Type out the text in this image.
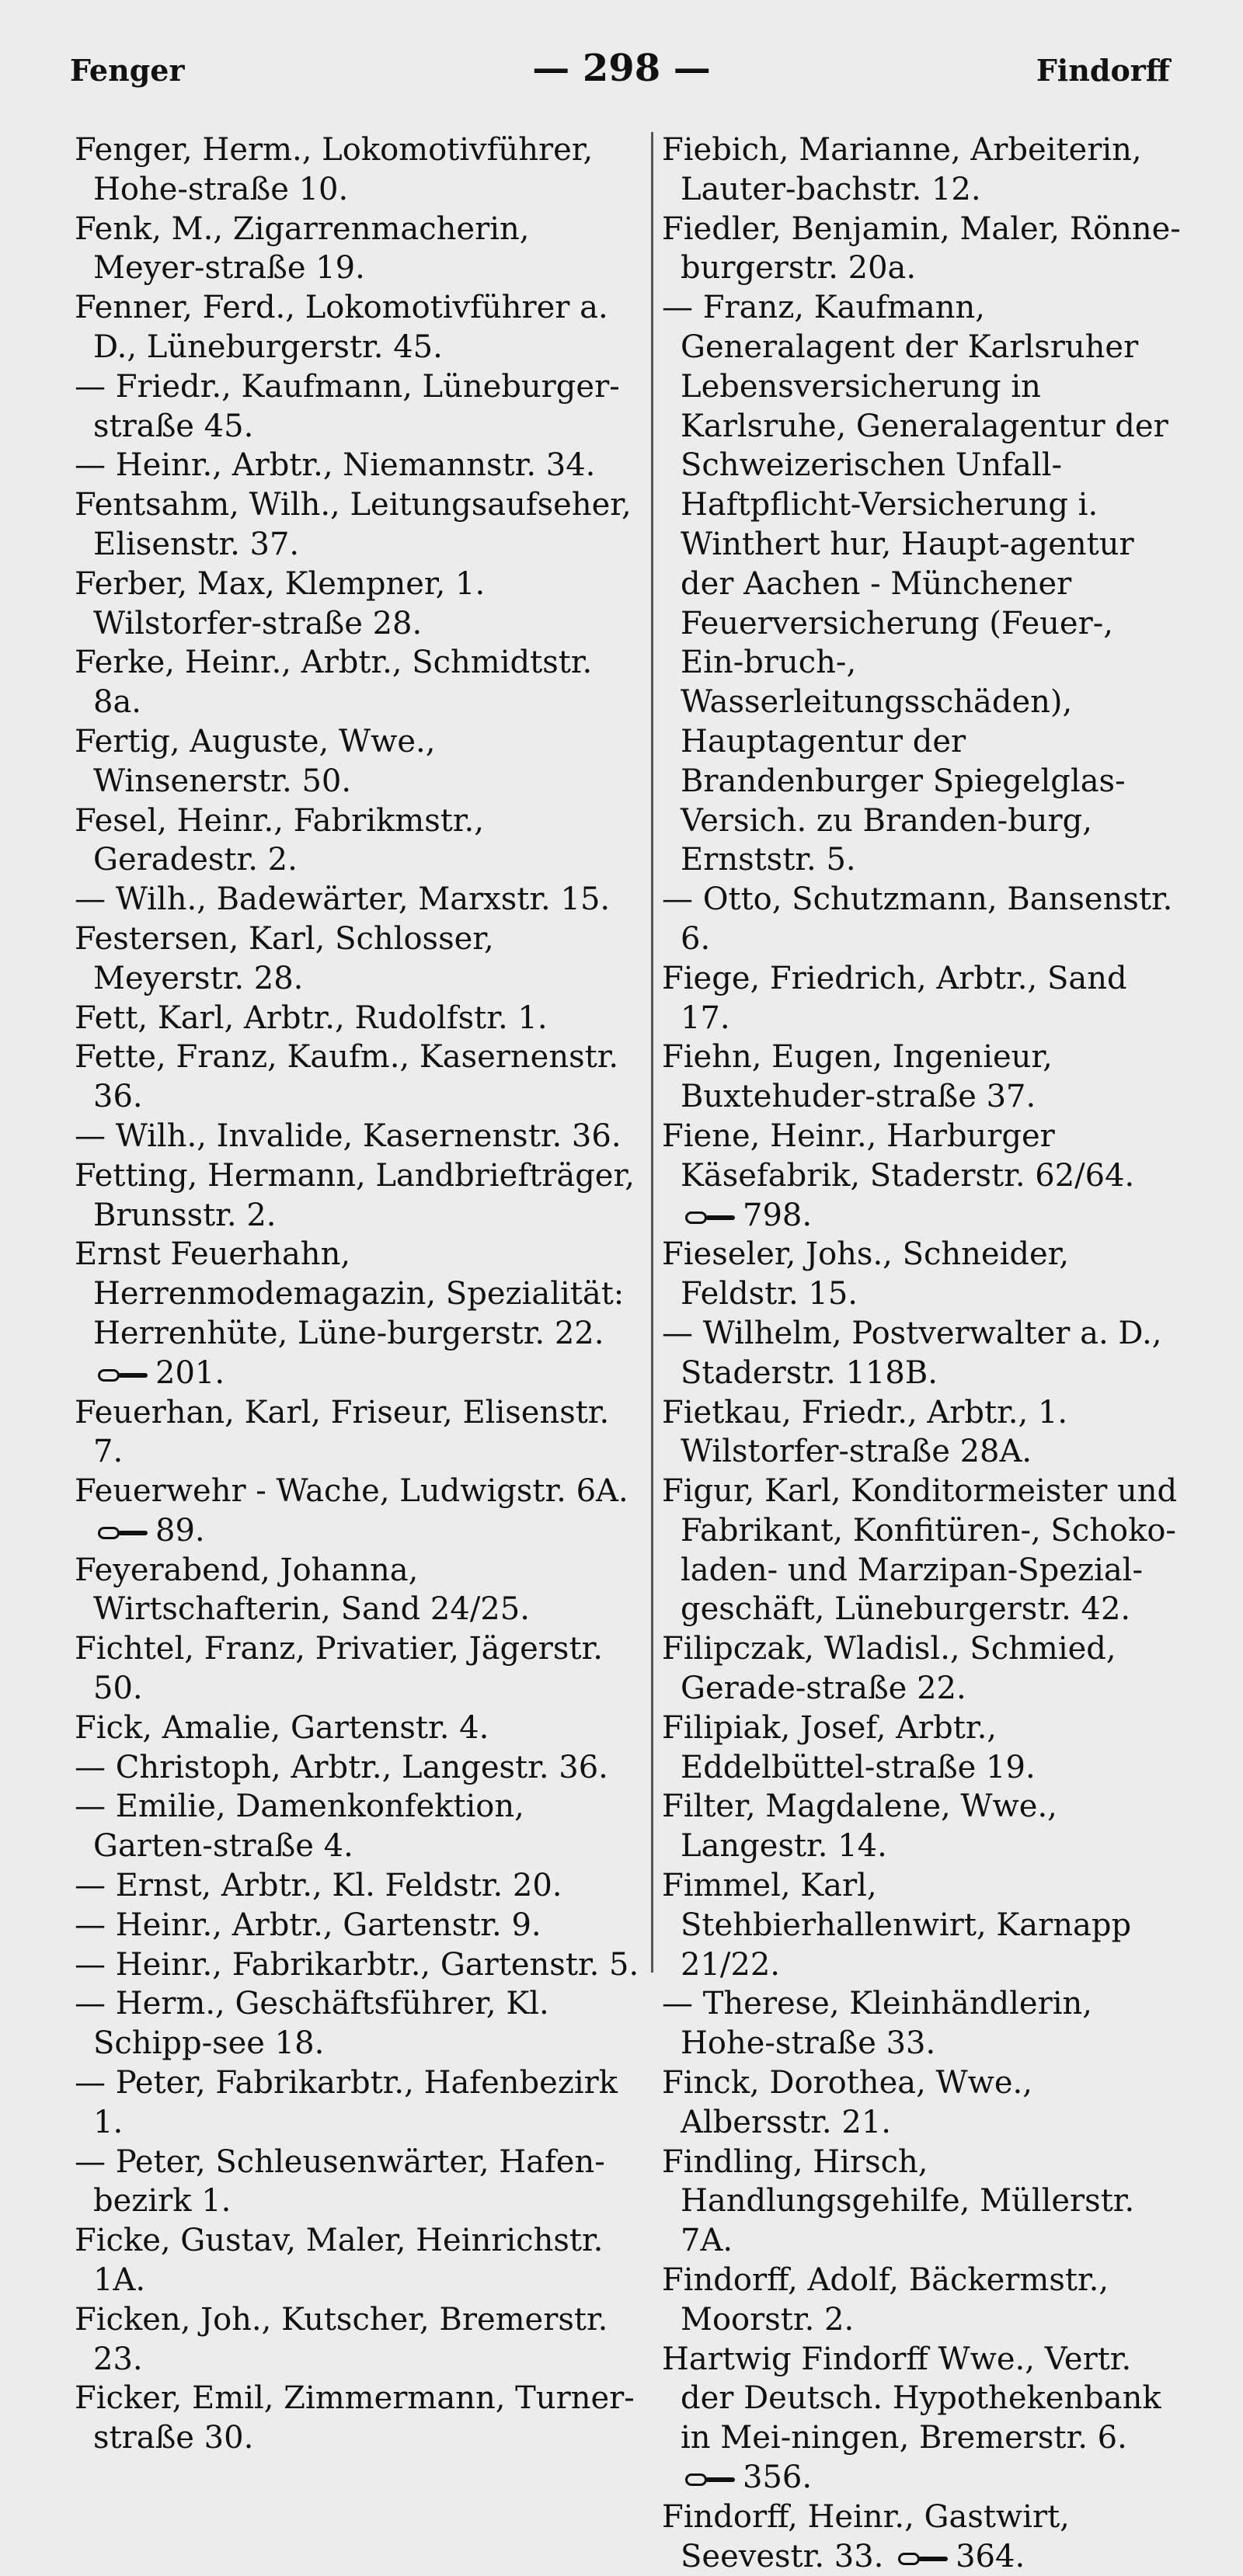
Fenger	— 298 —	Findorff
Fenger, Herm., Lokomotivführer, Hohe-straße 10.
Fenk, M., Zigarrenmacherin, Meyer-straße 19.
Fenner, Ferd., Lokomotivführer a. D., Lüneburgerstr. 45.
— Friedr., Kaufmann, Lüneburger-straße 45.
— Heinr., Arbtr., Niemannstr. 34.
Fentsahm, Wilh., Leitungsaufseher, Elisenstr. 37.
Ferber, Max, Klempner, 1. Wilstorfer-straße 28.
Ferke, Heinr., Arbtr., Schmidtstr. 8a.
Fertig, Auguste, Wwe., Winsenerstr. 50.
Fesel, Heinr., Fabrikmstr., Geradestr. 2.
— Wilh., Badewärter, Marxstr. 15.
Festersen, Karl, Schlosser, Meyerstr. 28.
Fett, Karl, Arbtr., Rudolfstr. 1.
Fette, Franz, Kaufm., Kasernenstr. 36.
— Wilh., Invalide, Kasernenstr. 36.
Fetting, Hermann, Landbriefträger, Brunsstr. 2.
Ernst Feuerhahn, Herrenmodemagazin, Spezialität: Herrenhüte, Lüne-burgerstr. 22. 201.
Feuerhan, Karl, Friseur, Elisenstr. 7.
Feuerwehr - Wache, Ludwigstr. 6A. 89.
Feyerabend, Johanna, Wirtschafterin, Sand 24/25.
Fichtel, Franz, Privatier, Jägerstr. 50.
Fick, Amalie, Gartenstr. 4.
— Christoph, Arbtr., Langestr. 36.
— Emilie, Damenkonfektion, Garten-straße 4.
— Ernst, Arbtr., Kl. Feldstr. 20.
— Heinr., Arbtr., Gartenstr. 9.
— Heinr., Fabrikarbtr., Gartenstr. 5.
— Herm., Geschäftsführer, Kl. Schipp-see 18.
— Peter, Fabrikarbtr., Hafenbezirk 1.
— Peter, Schleusenwärter, Hafen-bezirk 1.
Ficke, Gustav, Maler, Heinrichstr. 1A.
Ficken, Joh., Kutscher, Bremerstr. 23.
Ficker, Emil, Zimmermann, Turner-straße 30.
Fiebich, Marianne, Arbeiterin, Lauter-bachstr. 12.
Fiedler, Benjamin, Maler, Rönne-burgerstr. 20a.
— Franz, Kaufmann, Generalagent der Karlsruher Lebensversicherung in Karlsruhe, Generalagentur der Schweizerischen Unfall-Haftpflicht-Versicherung i. Winthert hur, Haupt-agentur der Aachen - Münchener Feuerversicherung (Feuer-, Ein-bruch-, Wasserleitungsschäden), Hauptagentur der Brandenburger Spiegelglas-Versich. zu Branden-burg, Ernststr. 5.
— Otto, Schutzmann, Bansenstr. 6.
Fiege, Friedrich, Arbtr., Sand 17.
Fiehn, Eugen, Ingenieur, Buxtehuder-straße 37.
Fiene, Heinr., Harburger Käsefabrik, Staderstr. 62/64. 798.
Fieseler, Johs., Schneider, Feldstr. 15.
— Wilhelm, Postverwalter a. D., Staderstr. 118B.
Fietkau, Friedr., Arbtr., 1. Wilstorfer-straße 28A.
Figur, Karl, Konditormeister und Fabrikant, Konfitüren-, Schoko-laden- und Marzipan-Spezial-geschäft, Lüneburgerstr. 42.
Filipczak, Wladisl., Schmied, Gerade-straße 22.
Filipiak, Josef, Arbtr., Eddelbüttel-straße 19.
Filter, Magdalene, Wwe., Langestr. 14.
Fimmel, Karl, Stehbierhallenwirt, Karnapp 21/22.
— Therese, Kleinhändlerin, Hohe-straße 33.
Finck, Dorothea, Wwe., Albersstr. 21.
Findling, Hirsch, Handlungsgehilfe, Müllerstr. 7A.
Findorff, Adolf, Bäckermstr., Moorstr. 2.
Hartwig Findorff Wwe., Vertr. der Deutsch. Hypothekenbank in Mei-ningen, Bremerstr. 6. 356.
Findorff, Heinr., Gastwirt, Seevestr. 33. 364.
